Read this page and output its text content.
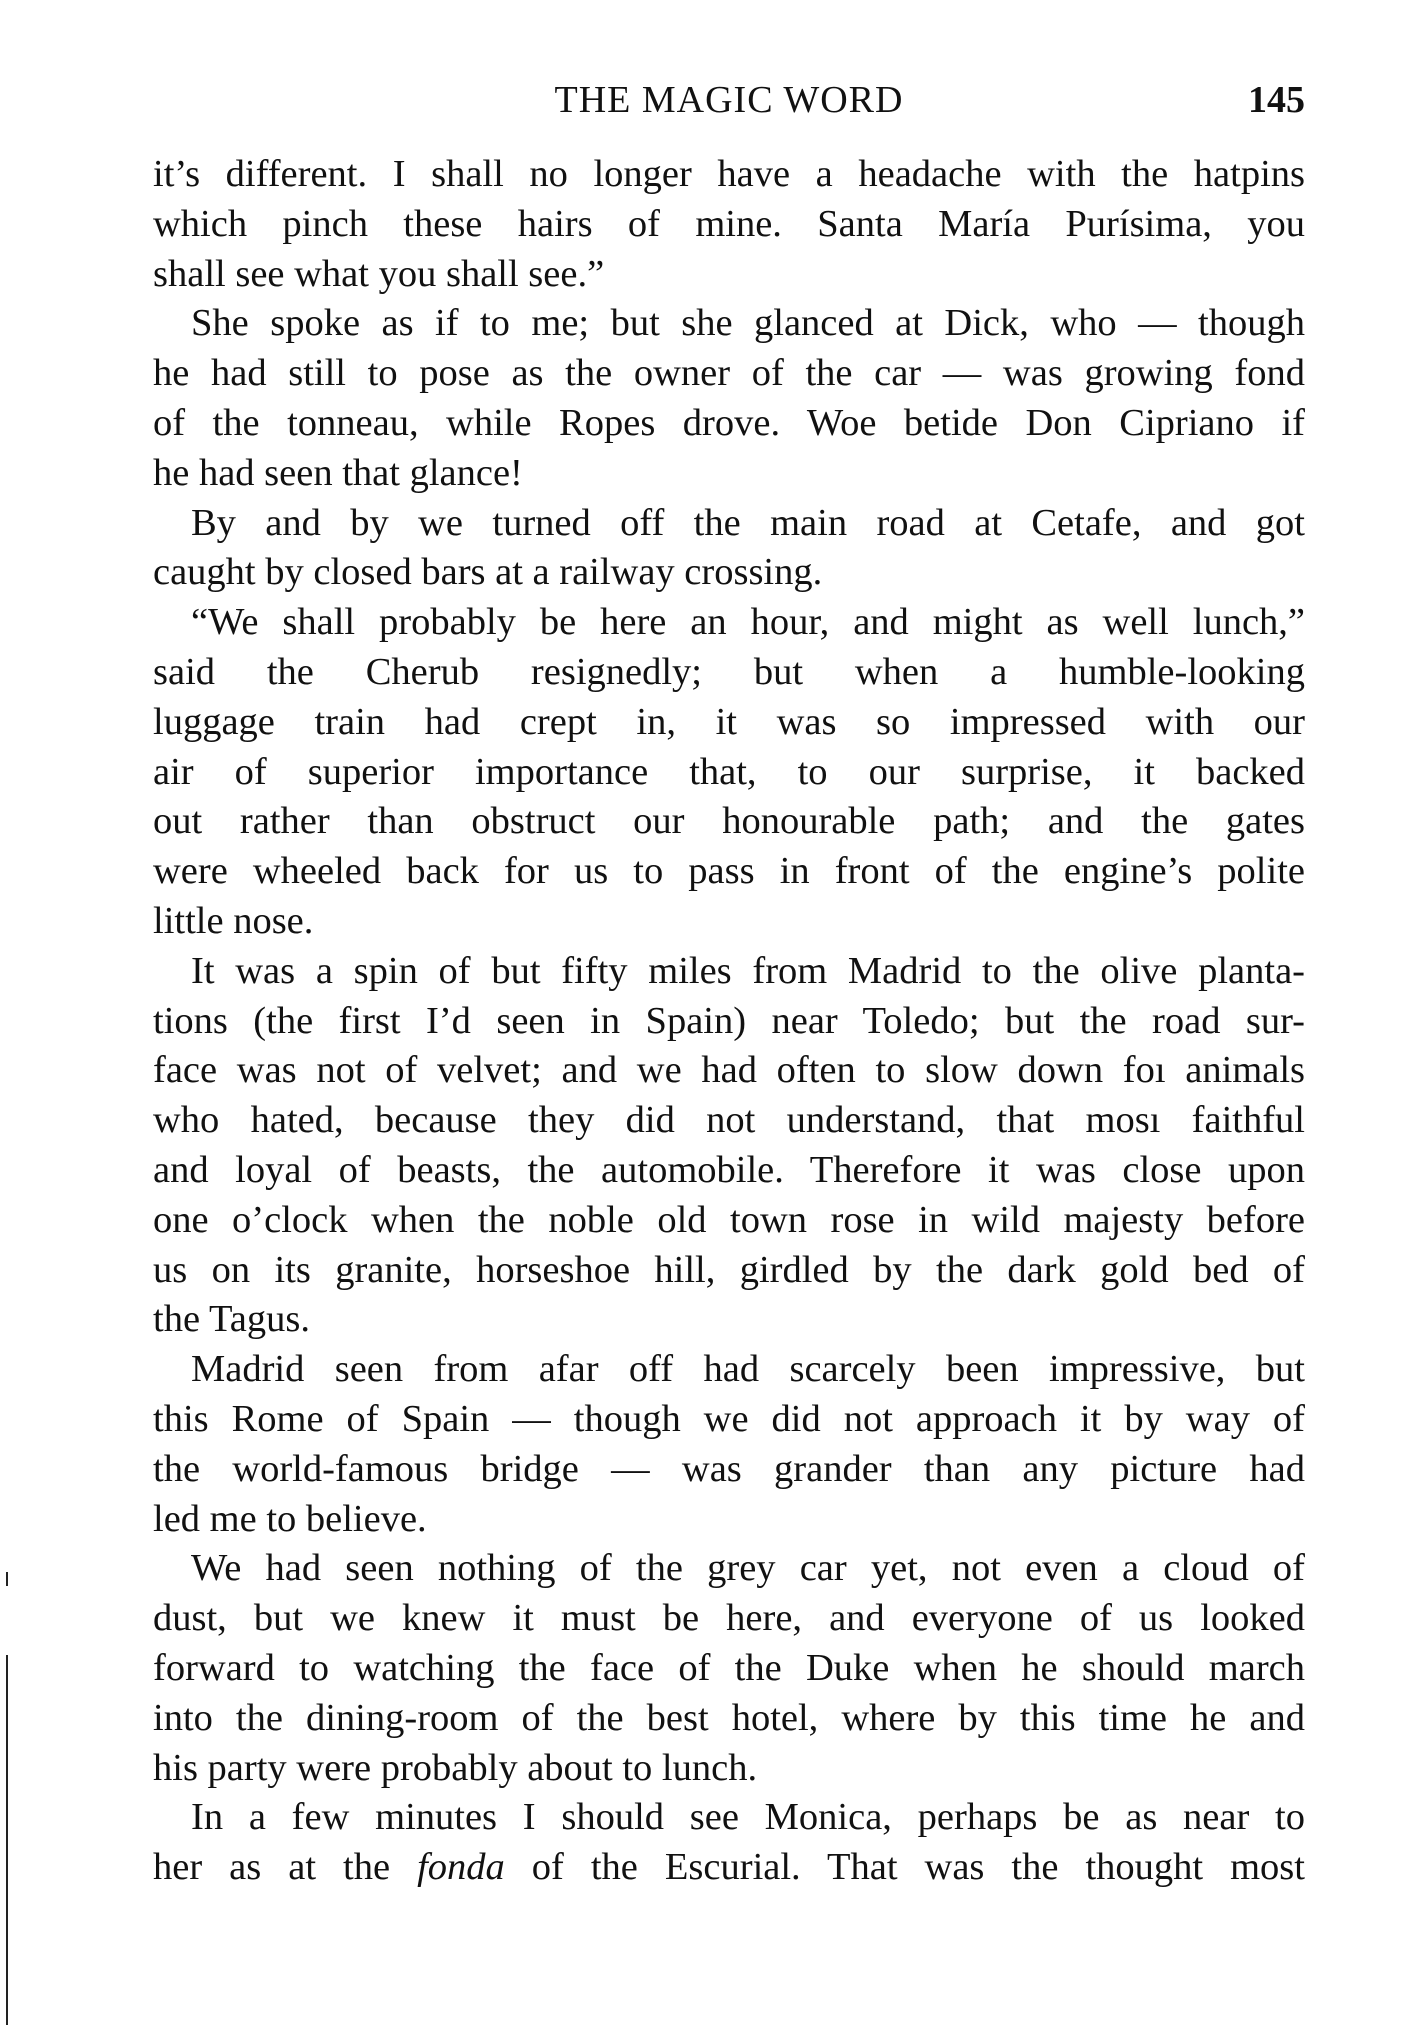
THE MAGIC WORD	145
it’s different. I shall no longer have a headache with the hatpins
which pinch these hairs of mine. Santa María Purísima, you
shall see what you shall see.”
She spoke as if to me; but she glanced at Dick, who — though
he had still to pose as the owner of the car — was growing fond
of the tonneau, while Ropes drove. Woe betide Don Cipriano if
he had seen that glance!
By and by we turned off the main road at Cetafe, and got
caught by closed bars at a railway crossing.
“We shall probably be here an hour, and might as well lunch,”
said the Cherub resignedly; but when a humble-looking
luggage train had crept in, it was so impressed with our
air of superior importance that, to our surprise, it backed
out rather than obstruct our honourable path; and the gates
were wheeled back for us to pass in front of the engine’s polite
little nose.
It was a spin of but fifty miles from Madrid to the olive planta-
tions (the first I’d seen in Spain) near Toledo; but the road sur-
face was not of velvet; and we had often to slow down foı animals
who hated, because they did not understand, that mosı faithful
and loyal of beasts, the automobile. Therefore it was close upon
one o’clock when the noble old town rose in wild majesty before
us on its granite, horseshoe hill, girdled by the dark gold bed of
the Tagus.
Madrid seen from afar off had scarcely been impressive, but
this Rome of Spain — though we did not approach it by way of
the world-famous bridge — was grander than any picture had
led me to believe.
We had seen nothing of the grey car yet, not even a cloud of
dust, but we knew it must be here, and everyone of us looked
forward to watching the face of the Duke when he should march
into the dining-room of the best hotel, where by this time he and
his party were probably about to lunch.
In a few minutes I should see Monica, perhaps be as near to
her as at the fonda of the Escurial. That was the thought most
